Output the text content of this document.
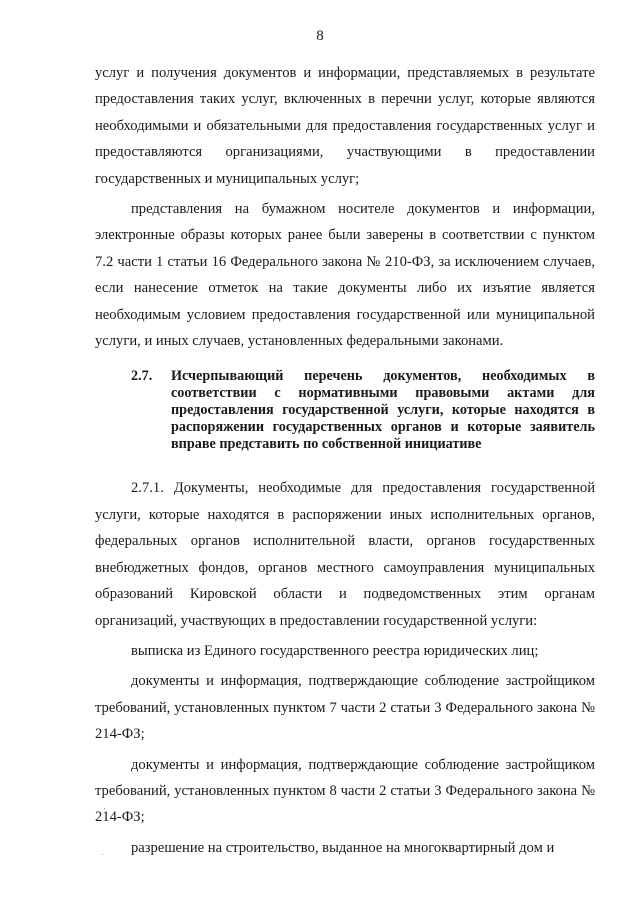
8

услуг и получения документов и информации, представляемых в результате предоставления таких услуг, включенных в перечни услуг, которые являются необходимыми и обязательными для предоставления государственных услуг и предоставляются организациями, участвующими в предоставлении государственных и муниципальных услуг;

представления на бумажном носителе документов и информации, электронные образы которых ранее были заверены в соответствии с пунктом 7.2 части 1 статьи 16 Федерального закона № 210-ФЗ, за исключением случаев, если нанесение отметок на такие документы либо их изъятие является необходимым условием предоставления государственной или муниципальной услуги, и иных случаев, установленных федеральными законами.

2.7.	Исчерпывающий перечень документов, необходимых в соответствии с нормативными правовыми актами для предоставления государственной услуги, которые находятся в распоряжении государственных органов и которые заявитель вправе представить по собственной инициативе

2.7.1. Документы, необходимые для предоставления государственной услуги, которые находятся в распоряжении иных исполнительных органов, федеральных органов исполнительной власти, органов государственных внебюджетных фондов, органов местного самоуправления муниципальных образований Кировской области и подведомственных этим органам организаций, участвующих в предоставлении государственной услуги:

выписка из Единого государственного реестра юридических лиц;

документы и информация, подтверждающие соблюдение застройщиком требований, установленных пунктом 7 части 2 статьи 3 Федерального закона № 214-ФЗ;

документы и информация, подтверждающие соблюдение застройщиком требований, установленных пунктом 8 части 2 статьи 3 Федерального закона № 214-ФЗ;

разрешение на строительство, выданное на многоквартирный дом и
